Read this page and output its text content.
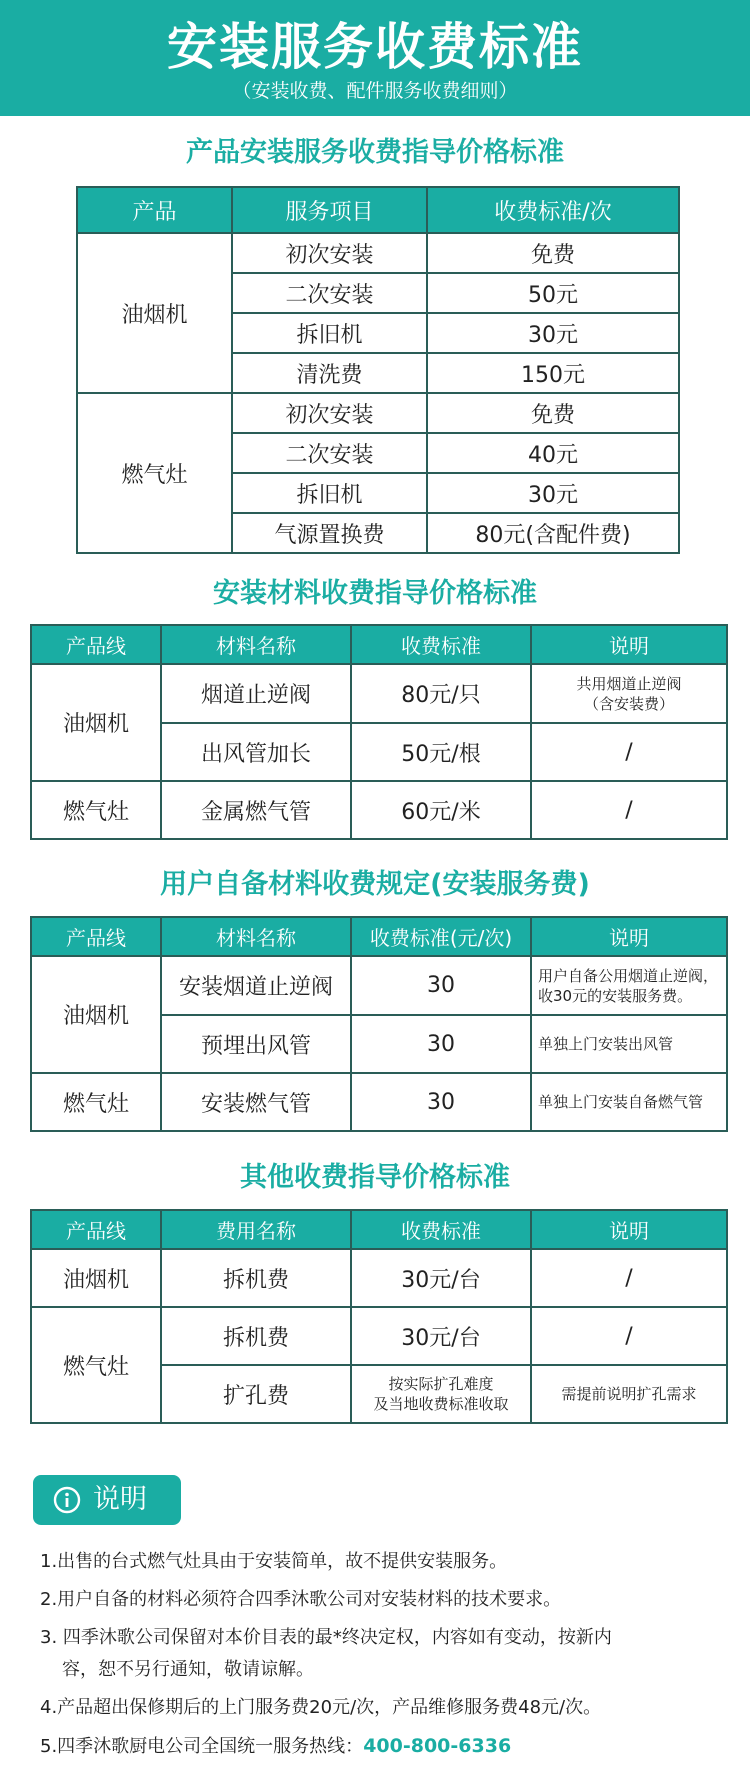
安装服务收费标准
（安装收费、配件服务收费细则）
产品安装服务收费指导价格标准
产品	服务项目	收费标准/次
油烟机	初次安装	免费
	二次安装	50元
	拆旧机	30元
	清洗费	150元
燃气灶	初次安装	免费
	二次安装	40元
	拆旧机	30元
	气源置换费	80元(含配件费)
安装材料收费指导价格标准
产品线	材料名称	收费标准	说明
油烟机	烟道止逆阀	80元/只	共用烟道止逆阀
（含安装费）

	出风管加长	50元/根	/
燃气灶	金属燃气管	60元/米	/
用户自备材料收费规定(安装服务费)
产品线	材料名称	收费标准(元/次)	说明
油烟机	安装烟道止逆阀	30	用户自备公用烟道止逆阀，
收30元的安装服务费。

	预埋出风管	30	单独上门安装出风管
燃气灶	安装燃气管	30	单独上门安装自备燃气管
其他收费指导价格标准
产品线	费用名称	收费标准	说明
油烟机	拆机费	30元/台	/
燃气灶	拆机费	30元/台	/
	扩孔费	按实际扩孔难度
及当地收费标准收取	需提前说明扩孔需求
说明
1.出售的台式燃气灶具由于安装简单，故不提供安装服务。
2.用户自备的材料必须符合四季沐歌公司对安装材料的技术要求。
3. 四季沐歌公司保留对本价目表的最*终决定权，内容如有变动，按新内
容，恕不另行通知，敬请谅解。
4.产品超出保修期后的上门服务费20元/次，产品维修服务费48元/次。
5.四季沐歌厨电公司全国统一服务热线：400-800-6336
